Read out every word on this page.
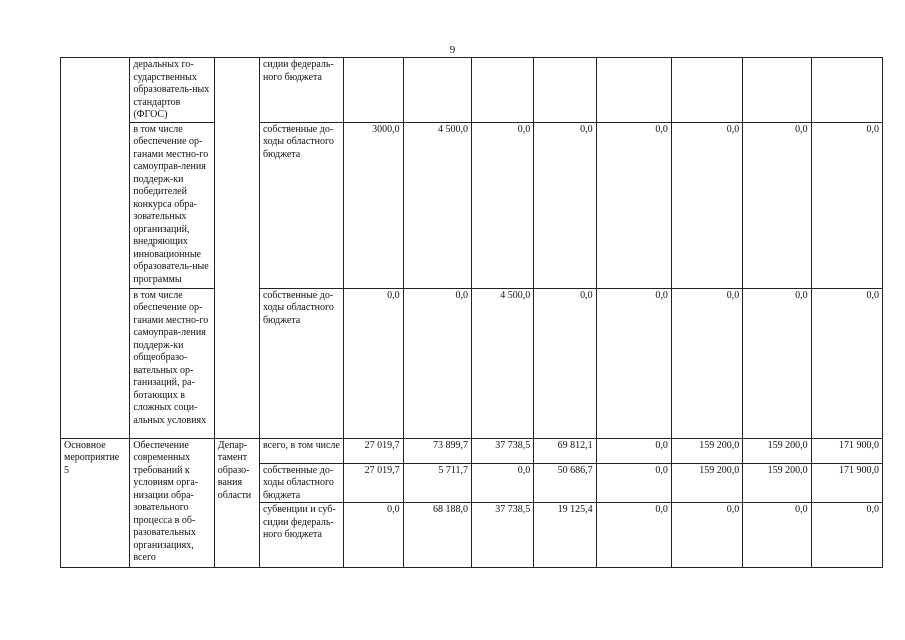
9
	деральных го-сударственных образователь-ных стандартов (ФГОС)		сидии федераль-ного бюджета								
	в том числе обеспечение ор-ганами местно-го самоуправ-ления поддерж-ки победителей конкурса обра-зовательных организаций, внедряющих инновационные образователь-ные программы		собственные до-ходы областного бюджета	3000,0	4 500,0	0,0	0,0	0,0	0,0	0,0	0,0
	в том числе обеспечение ор-ганами местно-го самоуправ-ления поддерж-ки общеобразо-вательных ор-ганизаций, ра-ботающих в сложных соци-альных условиях		собственные до-ходы областного бюджета	0,0	0,0	4 500,0	0,0	0,0	0,0	0,0	0,0
Основное мероприятие 5	Обеспечение современных требований к условиям орга-низации обра-зовательного процесса в об-разовательных организациях, всего	Депар-тамент образо-вания области	всего, в том числе	27 019,7	73 899,7	37 738,5	69 812,1	0,0	159 200,0	159 200,0	171 900,0
			собственные до-ходы областного бюджета	27 019,7	5 711,7	0,0	50 686,7	0,0	159 200,0	159 200,0	171 900,0
			субвенции и суб-сидии федераль-ного бюджета	0,0	68 188,0	37 738,5	19 125,4	0,0	0,0	0,0	0,0
